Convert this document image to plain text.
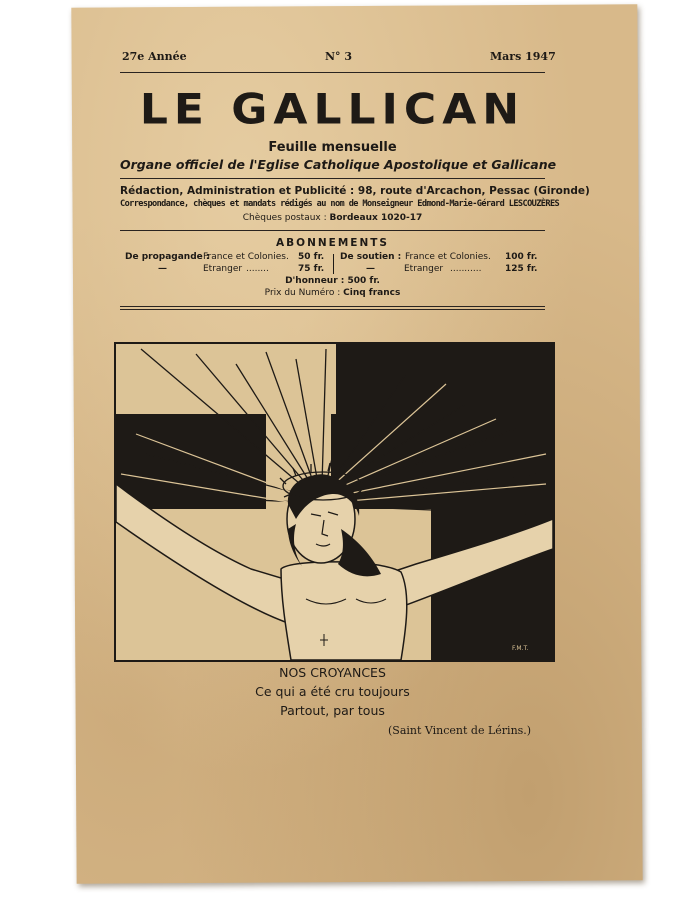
27e Année	N° 3	Mars 1947
LE GALLICAN
Feuille mensuelle
Organe officiel de l'Eglise Catholique Apostolique et Gallicane
Rédaction, Administration et Publicité : 98, route d'Arcachon, Pessac (Gironde)
Correspondance, chèques et mandats rédigés au nom de Monseigneur Edmond-Marie-Gérard LESCOUZÈRES
Chèques postaux : Bordeaux 1020-17
ABONNEMENTS
De propagande :
France et Colonies. 50 fr.
—	Etranger ........	75 fr.
De soutien : France et Colonies. 100 fr.
—	Etranger ...........	125 fr.
D'honneur : 500 fr.
Prix du Numéro : Cinq francs
F.M.T.
NOS CROYANCES
Ce qui a été cru toujours
Partout, par tous
(Saint Vincent de Lérins.)
